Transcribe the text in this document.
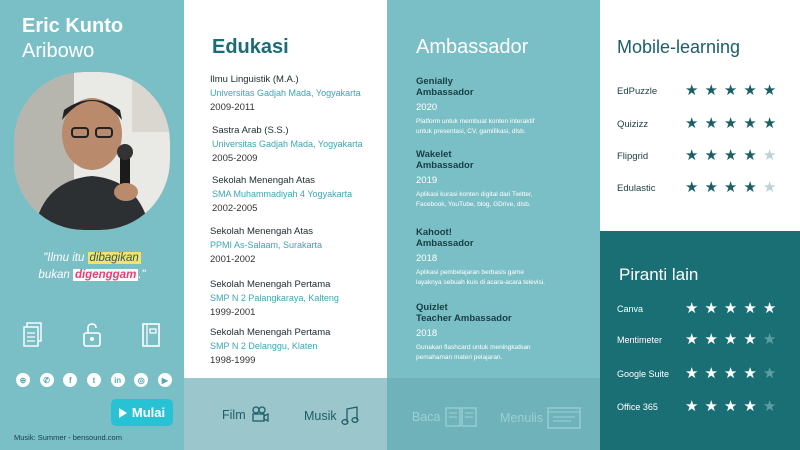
Eric Kunto
Aribowo
"Ilmu itu dibagikan
bukan digenggam ."
⊕	✆	f	t	in	◎	▶
Mulai
Musik: Summer - bensound.com
Edukasi
Ilmu Linguistik (M.A.)
Universitas Gadjah Mada, Yogyakarta
2009-2011
Sastra Arab (S.S.)
Universitas Gadjah Mada, Yogyakarta
2005-2009
Sekolah Menengah Atas
SMA Muhammadiyah 4 Yogyakarta
2002-2005
Sekolah Menengah Atas
PPMI As-Salaam, Surakarta
2001-2002
Sekolah Menengah Pertama
SMP N 2 Palangkaraya, Kalteng
1999-2001
Sekolah Menengah Pertama
SMP N 2 Delanggu, Klaten
1998-1999
Ambassador
Genially
Ambassador
2020
Platform untuk membuat konten interaktif
untuk presentasi, CV, gamifikasi, dlsb.
Wakelet
Ambassador
2019
Aplikasi kurasi konten digital dari Twitter,
Facebook, YouTube, blog, GDrive, dlsb.
Kahoot!
Ambassador
2018
Aplikasi pembelajaran berbasis game
layaknya sebuah kuis di acara-acara televisi.
Quizlet
Teacher Ambassador
2018
Gunakan flashcard untuk meningkatkan
pemahaman materi pelajaran.
Film	Musik	Baca	Menulis
Mobile-learning
EdPuzzle ★ ★ ★ ★ ★
Quizizz ★ ★ ★ ★ ★
Flipgrid ★ ★ ★ ★ ★
Edulastic ★ ★ ★ ★ ★
Piranti lain
Canva	★ ★ ★ ★ ★
Mentimeter ★ ★ ★ ★ ★
Google Suite ★ ★ ★ ★ ★
Office 365 ★ ★ ★ ★ ★
